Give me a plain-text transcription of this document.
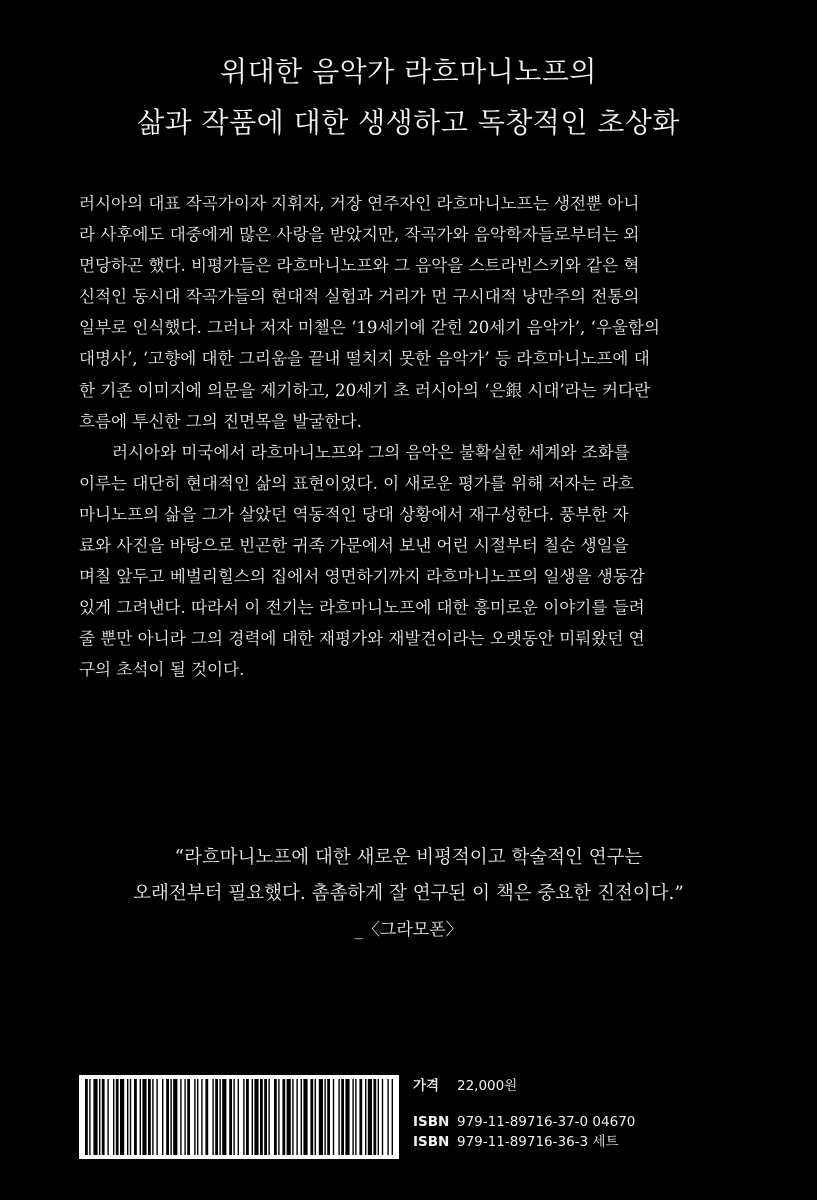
위대한 음악가 라흐마니노프의
삶과 작품에 대한 생생하고 독창적인 초상화
러시아의 대표 작곡가이자 지휘자, 거장 연주자인 라흐마니노프는 생전뿐 아니
라 사후에도 대중에게 많은 사랑을 받았지만, 작곡가와 음악학자들로부터는 외
면당하곤 했다. 비평가들은 라흐마니노프와 그 음악을 스트라빈스키와 같은 혁
신적인 동시대 작곡가들의 현대적 실험과 거리가 먼 구시대적 낭만주의 전통의
일부로 인식했다. 그러나 저자 미첼은 ‘19세기에 갇힌 20세기 음악가’, ‘우울함의
대명사’, ‘고향에 대한 그리움을 끝내 떨치지 못한 음악가’ 등 라흐마니노프에 대
한 기존 이미지에 의문을 제기하고, 20세기 초 러시아의 ‘은銀 시대’라는 커다란
흐름에 투신한 그의 진면목을 발굴한다.
러시아와 미국에서 라흐마니노프와 그의 음악은 불확실한 세계와 조화를
이루는 대단히 현대적인 삶의 표현이었다. 이 새로운 평가를 위해 저자는 라흐
마니노프의 삶을 그가 살았던 역동적인 당대 상황에서 재구성한다. 풍부한 자
료와 사진을 바탕으로 빈곤한 귀족 가문에서 보낸 어린 시절부터 칠순 생일을
며칠 앞두고 베벌리힐스의 집에서 영면하기까지 라흐마니노프의 일생을 생동감
있게 그려낸다. 따라서 이 전기는 라흐마니노프에 대한 흥미로운 이야기를 들려
줄 뿐만 아니라 그의 경력에 대한 재평가와 재발견이라는 오랫동안 미뤄왔던 연
구의 초석이 될 것이다.
“라흐마니노프에 대한 새로운 비평적이고 학술적인 연구는
오래전부터 필요했다. 촘촘하게 잘 연구된 이 책은 중요한 진전이다.”
_〈그라모폰〉
가격 22,000원
ISBN 979-11-89716-37-0 04670
ISBN 979-11-89716-36-3 세트
